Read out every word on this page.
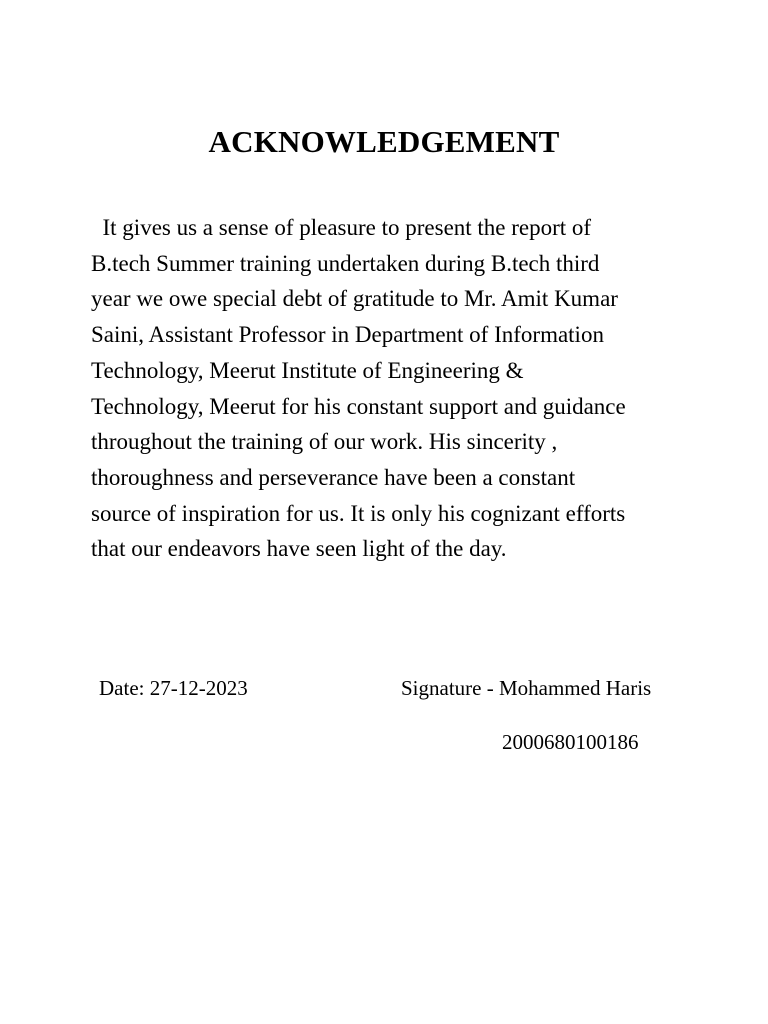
ACKNOWLEDGEMENT
It gives us a sense of pleasure to present the report of
B.tech Summer training undertaken during B.tech third
year we owe special debt of gratitude to Mr. Amit Kumar
Saini, Assistant Professor in Department of Information
Technology, Meerut Institute of Engineering &
Technology, Meerut for his constant support and guidance
throughout the training of our work. His sincerity ,
thoroughness and perseverance have been a constant
source of inspiration for us. It is only his cognizant efforts
that our endeavors have seen light of the day.
Date: 27-12-2023	Signature - Mohammed Haris
2000680100186
